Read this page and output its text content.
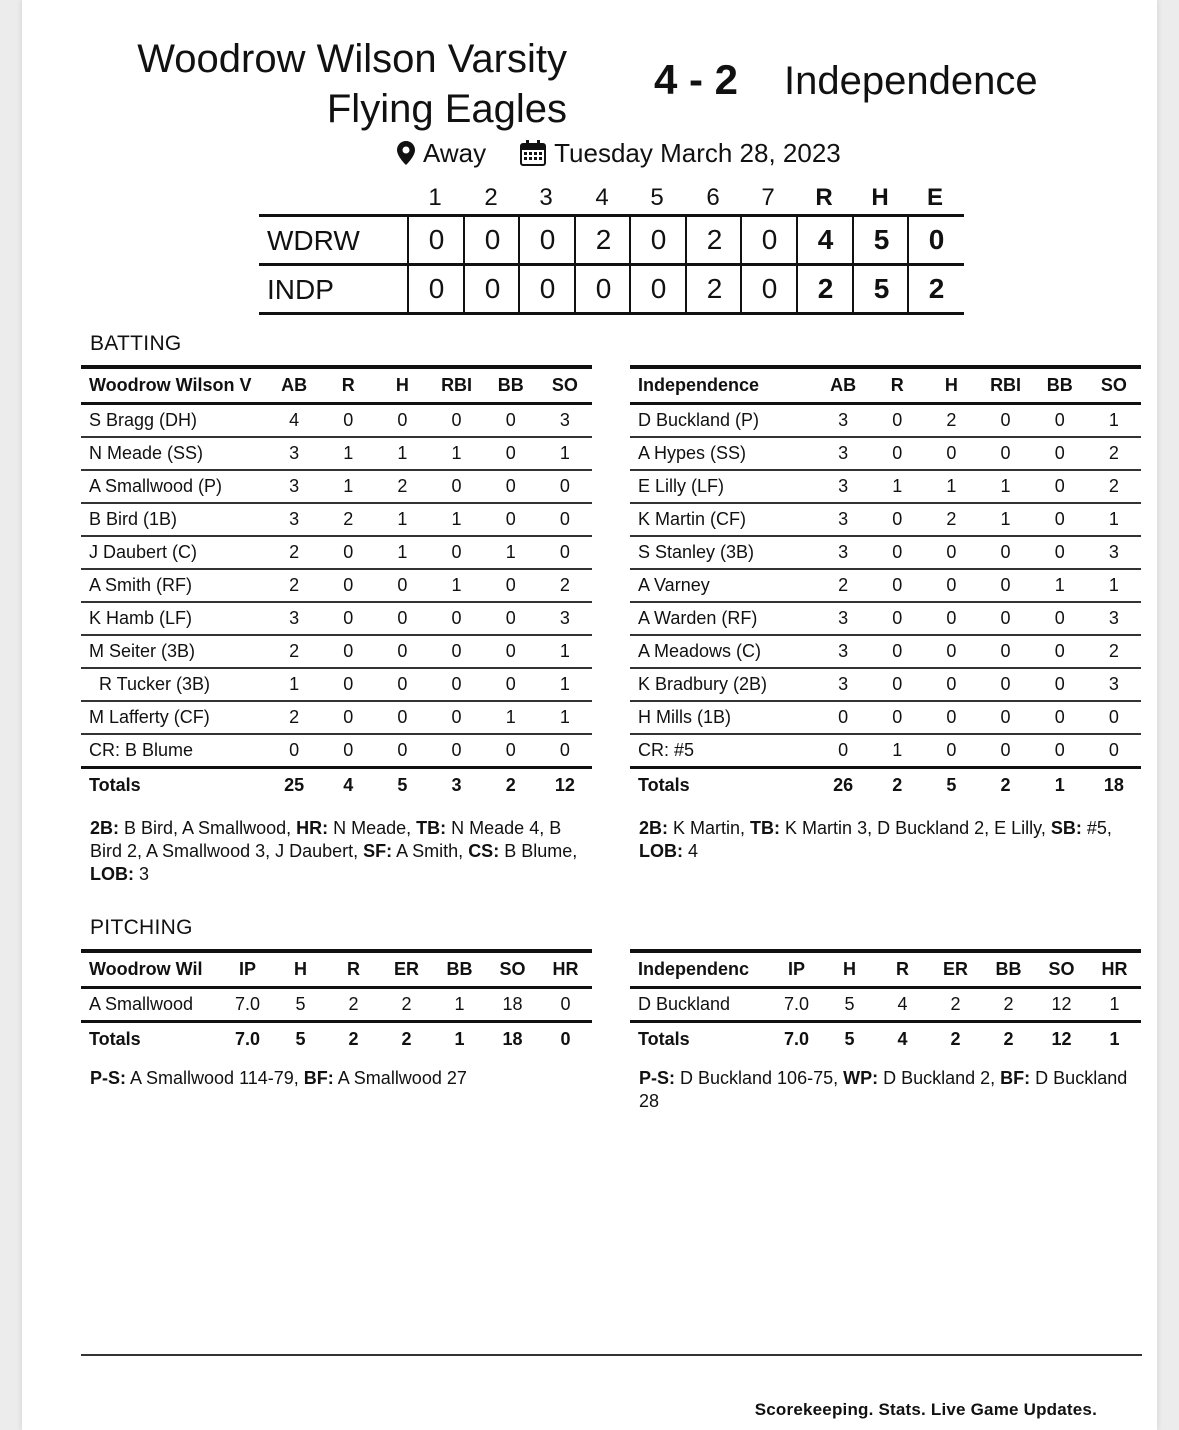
Woodrow Wilson Varsity
Flying Eagles
4 - 2 Independence
Away	Tuesday March 28, 2023
1	2	3	4	5	6	7	R	H	E
WDRW	0	0	0	2	0	2	0	4	5	0
INDP	0	0	0	0	0	2	0	2	5	2
BATTING
Woodrow Wilson V	AB	R	H	RBI	BB	SO
S Bragg (DH)	4	0	0	0	0	3
N Meade (SS)	3	1	1	1	0	1
A Smallwood (P)	3	1	2	0	0	0
B Bird (1B)	3	2	1	1	0	0
J Daubert (C)	2	0	1	0	1	0
A Smith (RF)	2	0	0	1	0	2
K Hamb (LF)	3	0	0	0	0	3
M Seiter (3B)	2	0	0	0	0	1
R Tucker (3B)	1	0	0	0	0	1
M Lafferty (CF)	2	0	0	0	1	1
CR: B Blume	0	0	0	0	0	0
Totals	25	4	5	3	2	12
Independence	AB	R	H	RBI	BB	SO
D Buckland (P)	3	0	2	0	0	1
A Hypes (SS)	3	0	0	0	0	2
E Lilly (LF)	3	1	1	1	0	2
K Martin (CF)	3	0	2	1	0	1
S Stanley (3B)	3	0	0	0	0	3
A Varney	2	0	0	0	1	1
A Warden (RF)	3	0	0	0	0	3
A Meadows (C)	3	0	0	0	0	2
K Bradbury (2B)	3	0	0	0	0	3
H Mills (1B)	0	0	0	0	0	0
CR: #5	0	1	0	0	0	0
Totals	26	2	5	2	1	18
2B: B Bird, A Smallwood, HR: N Meade, TB: N Meade 4, B Bird 2, A Smallwood 3, J Daubert, SF: A Smith, CS: B Blume, LOB: 3
2B: K Martin, TB: K Martin 3, D Buckland 2, E Lilly, SB: #5, LOB: 4
PITCHING
Woodrow Wil	IP	H	R	ER	BB	SO	HR
A Smallwood	7.0	5	2	2	1	18	0
Totals	7.0	5	2	2	1	18	0
Independenc	IP	H	R	ER	BB	SO	HR
D Buckland	7.0	5	4	2	2	12	1
Totals	7.0	5	4	2	2	12	1
P-S: A Smallwood 114-79, BF: A Smallwood 27	P-S: D Buckland 106-75, WP: D Buckland 2, BF: D Buckland 28
Scorekeeping. Stats. Live Game Updates.
